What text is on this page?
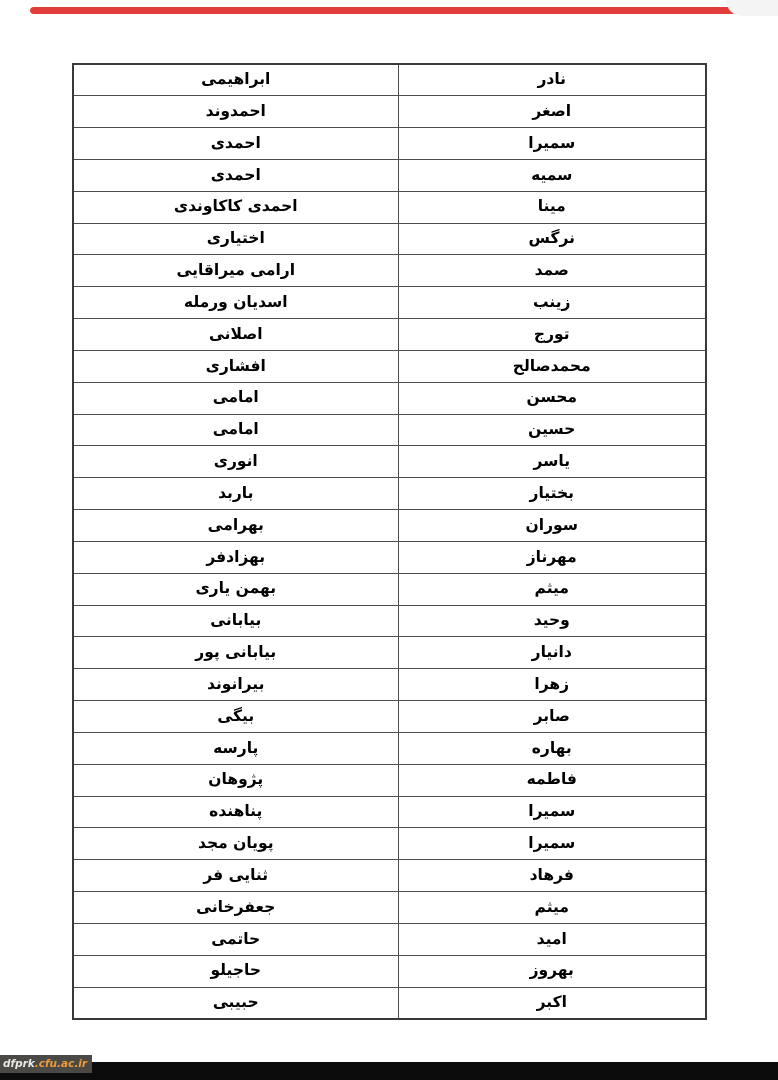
ابراهیمی	نادر
احمدوند	اصغر
احمدی	سمیرا
احمدی	سمیه
احمدی کاکاوندی	مینا
اختیاری	نرگس
ارامی میراقایی	صمد
اسدیان ورمله	زینب
اصلانی	تورج
افشاری	محمدصالح
امامی	محسن
امامی	حسین
انوری	یاسر
باربد	بختیار
بهرامی	سوران
بهزادفر	مهرناز
بهمن یاری	میثم
بیابانی	وحید
بیابانی پور	دانیار
بیرانوند	زهرا
بیگی	صابر
پارسه	بهاره
پژوهان	فاطمه
پناهنده	سمیرا
پویان مجد	سمیرا
ثنایی فر	فرهاد
جعفرخانی	میثم
حاتمی	امید
حاجیلو	بهروز
حبیبی	اکبر
dfprk .cfu.ac.ir
